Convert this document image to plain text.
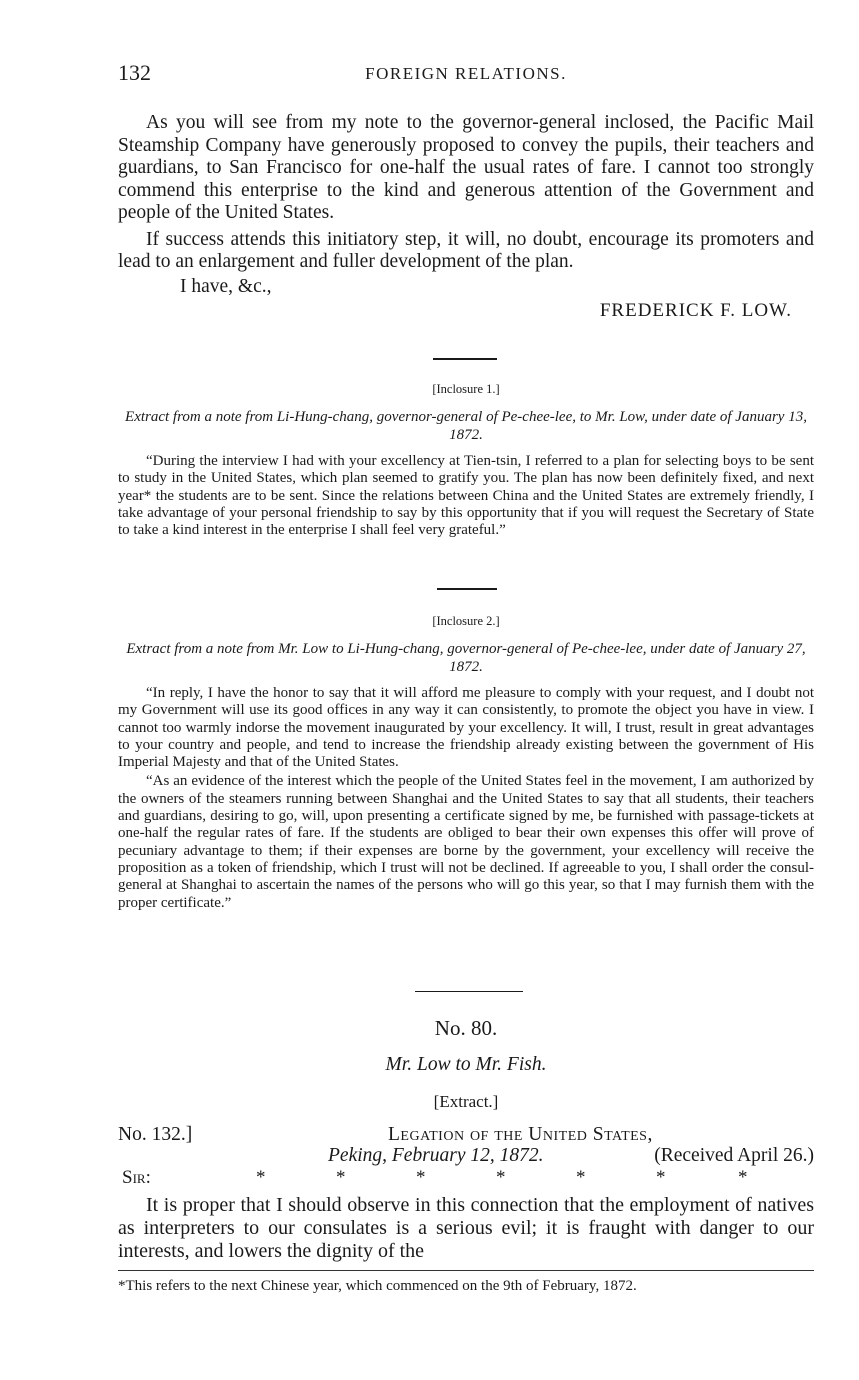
132	FOREIGN RELATIONS.

As you will see from my note to the governor-general inclosed, the Pacific Mail Steamship Company have generously proposed to convey the pupils, their teachers and guardians, to San Francisco for one-half the usual rates of fare. I cannot too strongly commend this enterprise to the kind and generous attention of the Government and people of the United States.

If success attends this initiatory step, it will, no doubt, encourage its promoters and lead to an enlargement and fuller development of the plan.

I have, &c.,

FREDERICK F. LOW.

[Inclosure 1.]

Extract from a note from Li-Hung-chang, governor-general of Pe-chee-lee, to Mr. Low, under date of January 13, 1872.

“During the interview I had with your excellency at Tien-tsin, I referred to a plan for selecting boys to be sent to study in the United States, which plan seemed to gratify you. The plan has now been definitely fixed, and next year* the students are to be sent. Since the relations between China and the United States are extremely friendly, I take advantage of your personal friendship to say by this opportunity that if you will request the Secretary of State to take a kind interest in the enterprise I shall feel very grateful.”

[Inclosure 2.]

Extract from a note from Mr. Low to Li-Hung-chang, governor-general of Pe-chee-lee, under date of January 27, 1872.

“In reply, I have the honor to say that it will afford me pleasure to comply with your request, and I doubt not my Government will use its good offices in any way it can consistently, to promote the object you have in view. I cannot too warmly indorse the movement inaugurated by your excellency. It will, I trust, result in great advantages to your country and people, and tend to increase the friendship already existing between the government of His Imperial Majesty and that of the United States.

“As an evidence of the interest which the people of the United States feel in the movement, I am authorized by the owners of the steamers running between Shanghai and the United States to say that all students, their teachers and guardians, desiring to go, will, upon presenting a certificate signed by me, be furnished with passage-tickets at one-half the regular rates of fare. If the students are obliged to bear their own expenses this offer will prove of pecuniary advantage to them; if their expenses are borne by the government, your excellency will receive the proposition as a token of friendship, which I trust will not be declined. If agreeable to you, I shall order the consul-general at Shanghai to ascertain the names of the persons who will go this year, so that I may furnish them with the proper certificate.”

No. 80.
Mr. Low to Mr. Fish.
[Extract.]
No. 132.]	Legation of the United States,
Peking, February 12, 1872.	(Received April 26.)
Sir:	*	*	*	*	*	*	*

It is proper that I should observe in this connection that the employment of natives as interpreters to our consulates is a serious evil; it is fraught with danger to our interests, and lowers the dignity of the

*This refers to the next Chinese year, which commenced on the 9th of February, 1872.
